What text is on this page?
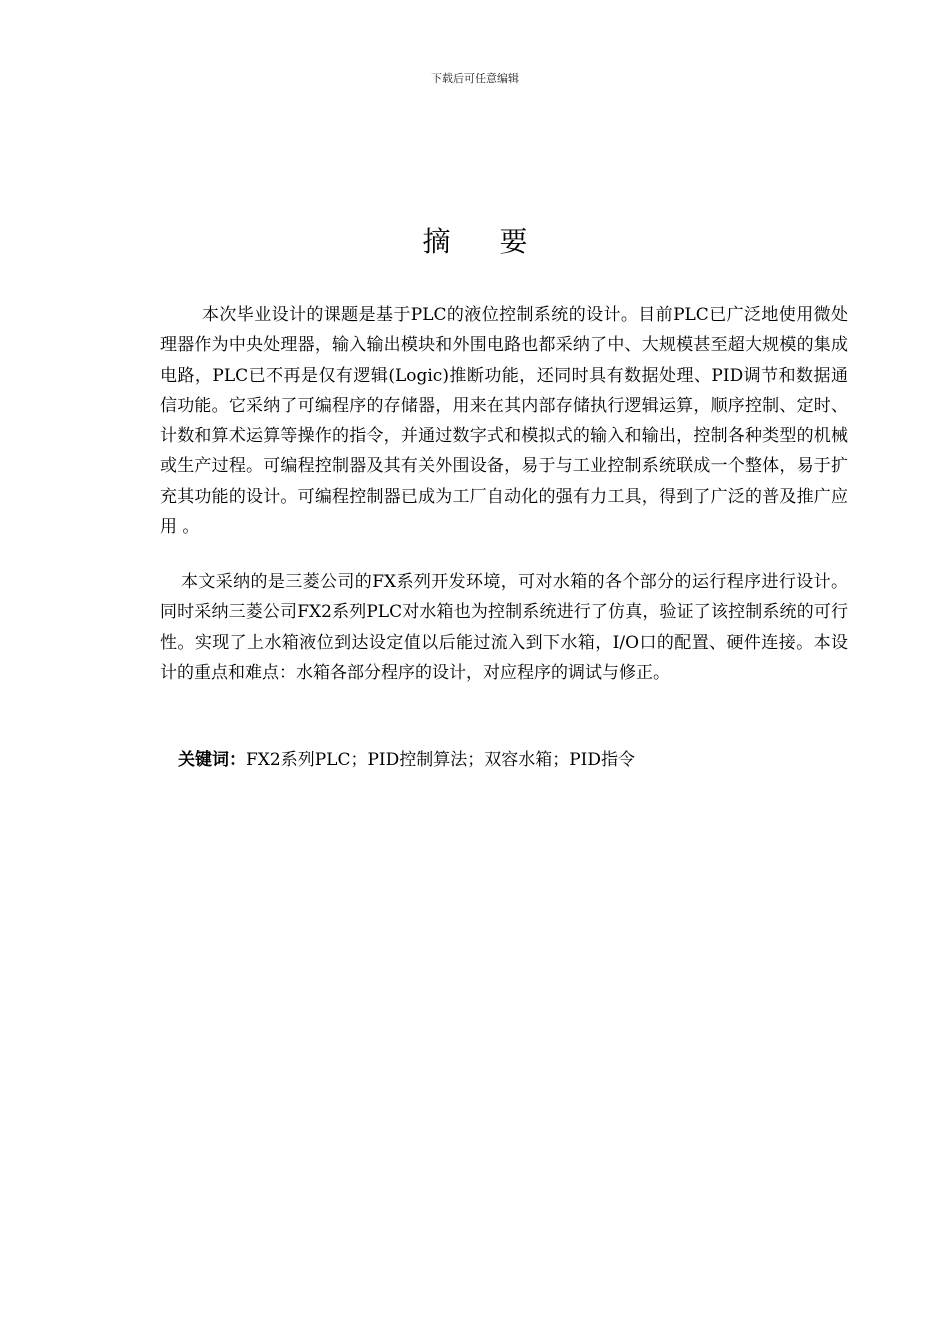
下载后可任意编辑
摘 要

本次毕业设计的课题是基于PLC的液位控制系统的设计。目前PLC已广泛地使用微处理器作为中央处理器，输入输出模块和外围电路也都采纳了中、大规模甚至超大规模的集成电路，PLC已不再是仅有逻辑(Logic)推断功能，还同时具有数据处理、PID调节和数据通信功能。它采纳了可编程序的存储器，用来在其内部存储执行逻辑运算，顺序控制、定时、计数和算术运算等操作的指令，并通过数字式和模拟式的输入和输出，控制各种类型的机械或生产过程。可编程控制器及其有关外围设备，易于与工业控制系统联成一个整体，易于扩充其功能的设计。可编程控制器已成为工厂自动化的强有力工具，得到了广泛的普及推广应用 。

本文采纳的是三菱公司的FX系列开发环境，可对水箱的各个部分的运行程序进行设计。同时采纳三菱公司FX2系列PLC对水箱也为控制系统进行了仿真，验证了该控制系统的可行性。实现了上水箱液位到达设定值以后能过流入到下水箱，I/O口的配置、硬件连接。本设计的重点和难点：水箱各部分程序的设计，对应程序的调试与修正。

关键词：FX2系列PLC；PID控制算法；双容水箱；PID指令
